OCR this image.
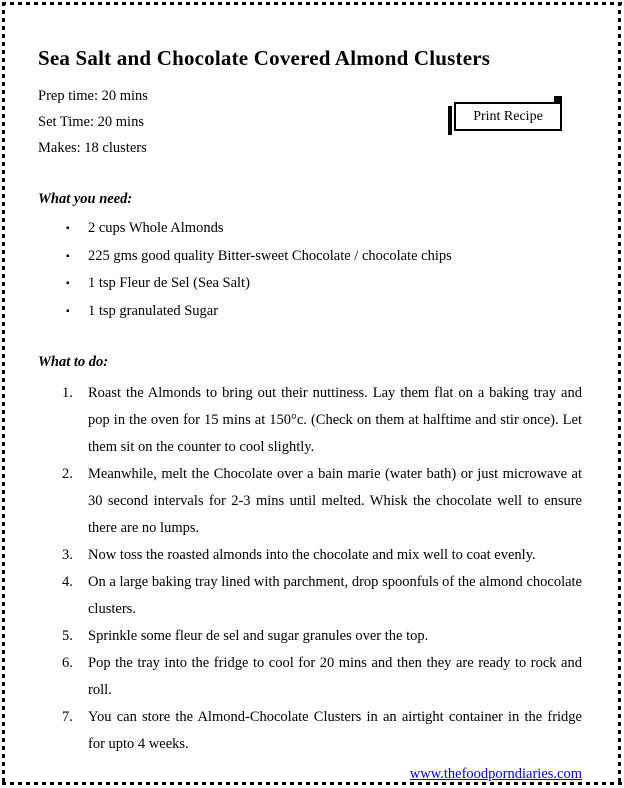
Sea Salt and Chocolate Covered Almond Clusters
Prep time: 20 mins
Set Time: 20 mins
Makes: 18 clusters
Print Recipe
What you need:
▪ 2 cups Whole Almonds
▪ 225 gms good quality Bitter-sweet Chocolate / chocolate chips
▪ 1 tsp Fleur de Sel (Sea Salt)
▪ 1 tsp granulated Sugar
What to do:
1. Roast the Almonds to bring out their nuttiness. Lay them flat on a baking tray and pop in the oven for 15 mins at 150°c. (Check on them at halftime and stir once). Let them sit on the counter to cool slightly.
2. Meanwhile, melt the Chocolate over a bain marie (water bath) or just microwave at 30 second intervals for 2-3 mins until melted. Whisk the chocolate well to ensure there are no lumps.
3. Now toss the roasted almonds into the chocolate and mix well to coat evenly.
4. On a large baking tray lined with parchment, drop spoonfuls of the almond chocolate clusters.
5. Sprinkle some fleur de sel and sugar granules over the top.
6. Pop the tray into the fridge to cool for 20 mins and then they are ready to rock and roll.
7. You can store the Almond-Chocolate Clusters in an airtight container in the fridge for upto 4 weeks.
www.thefoodporndiaries.com
